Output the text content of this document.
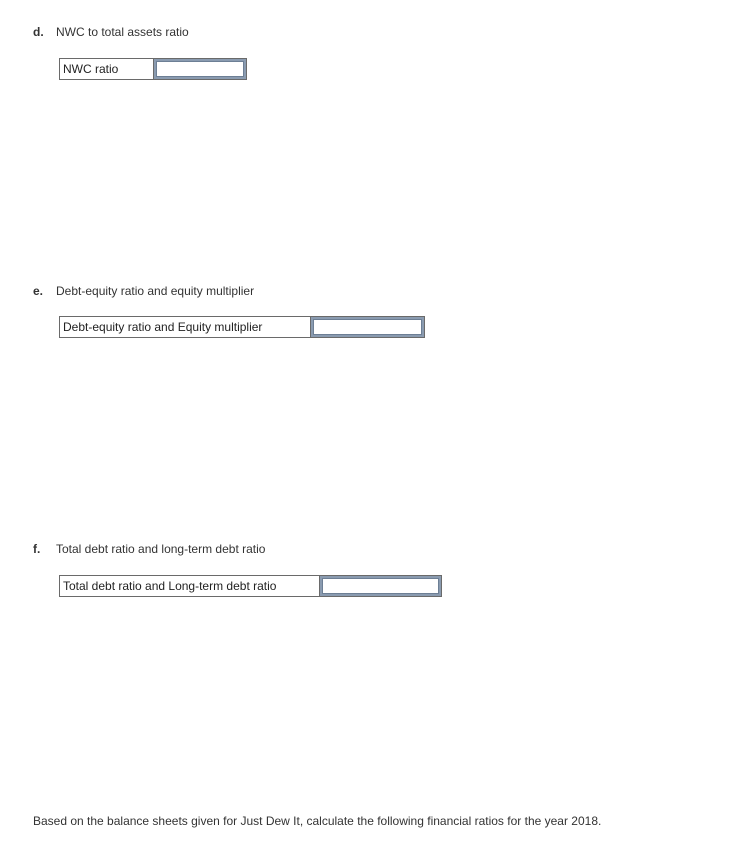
d. NWC to total assets ratio
NWC ratio
e. Debt-equity ratio and equity multiplier
Debt-equity ratio and Equity multiplier
f. Total debt ratio and long-term debt ratio
Total debt ratio and Long-term debt ratio

Based on the balance sheets given for Just Dew It, calculate the following financial ratios for the year 2018.
